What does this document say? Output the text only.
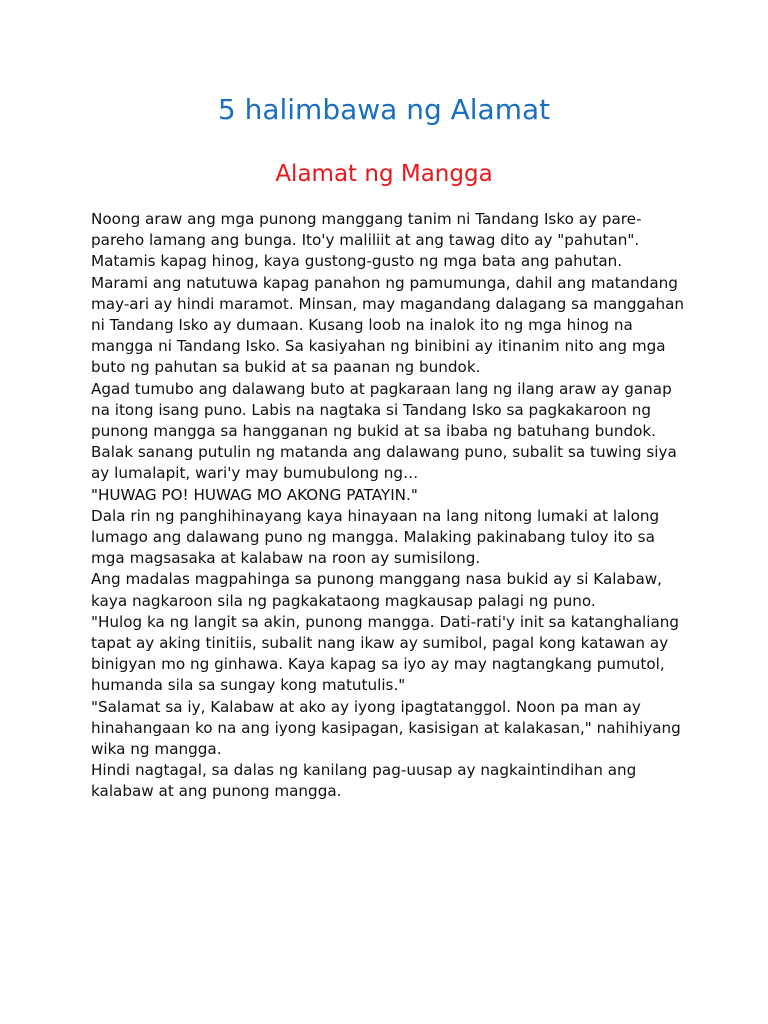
5 halimbawa ng Alamat
Alamat ng Mangga

Noong araw ang mga punong manggang tanim ni Tandang Isko ay pare-pareho lamang ang bunga. Ito'y maliliit at ang tawag dito ay "pahutan". Matamis kapag hinog, kaya gustong-gusto ng mga bata ang pahutan.

Marami ang natutuwa kapag panahon ng pamumunga, dahil ang matandang may-ari ay hindi maramot. Minsan, may magandang dalagang sa manggahan ni Tandang Isko ay dumaan. Kusang loob na inalok ito ng mga hinog na mangga ni Tandang Isko. Sa kasiyahan ng binibini ay itinanim nito ang mga buto ng pahutan sa bukid at sa paanan ng bundok.

Agad tumubo ang dalawang buto at pagkaraan lang ng ilang araw ay ganap na itong isang puno. Labis na nagtaka si Tandang Isko sa pagkakaroon ng punong mangga sa hangganan ng bukid at sa ibaba ng batuhang bundok. Balak sanang putulin ng matanda ang dalawang puno, subalit sa tuwing siya ay lumalapit, wari'y may bumubulong ng…

"HUWAG PO! HUWAG MO AKONG PATAYIN."

Dala rin ng panghihinayang kaya hinayaan na lang nitong lumaki at lalong lumago ang dalawang puno ng mangga. Malaking pakinabang tuloy ito sa mga magsasaka at kalabaw na roon ay sumisilong.

Ang madalas magpahinga sa punong manggang nasa bukid ay si Kalabaw, kaya nagkaroon sila ng pagkakataong magkausap palagi ng puno.

"Hulog ka ng langit sa akin, punong mangga. Dati-rati'y init sa katanghaliang tapat ay aking tinitiis, subalit nang ikaw ay sumibol, pagal kong katawan ay binigyan mo ng ginhawa. Kaya kapag sa iyo ay may nagtangkang pumutol, humanda sila sa sungay kong matutulis."

"Salamat sa iy, Kalabaw at ako ay iyong ipagtatanggol. Noon pa man ay hinahangaan ko na ang iyong kasipagan, kasisigan at kalakasan," nahihiyang wika ng mangga.

Hindi nagtagal, sa dalas ng kanilang pag-uusap ay nagkaintindihan ang kalabaw at ang punong mangga.
